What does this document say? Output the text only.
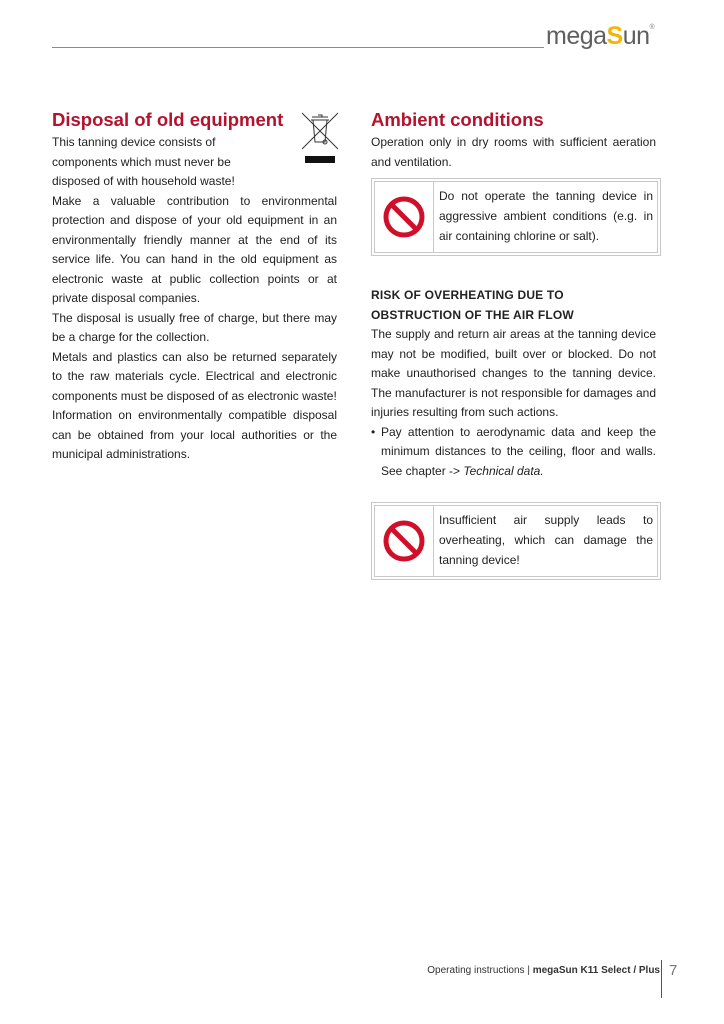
megaSun®
Disposal of old equipment

This tanning device consists of components which must never be disposed of with household waste!

Make a valuable contribution to environmental protection and dispose of your old equipment in an environmentally friendly manner at the end of its service life. You can hand in the old equipment as electronic waste at public collection points or at private disposal companies.

The disposal is usually free of charge, but there may be a charge for the collection.

Metals and plastics can also be returned separately to the raw materials cycle. Electrical and electronic components must be disposed of as electronic waste!

Information on environmentally compatible disposal can be obtained from your local authorities or the municipal administrations.

Ambient conditions

Operation only in dry rooms with sufficient aeration and ventilation.

Do not operate the tanning device in aggressive ambient conditions (e.g. in air containing chlorine or salt).

RISK OF OVERHEATING DUE TO
OBSTRUCTION OF THE AIR FLOW

The supply and return air areas at the tanning device may not be modified, built over or blocked. Do not make unauthorised changes to the tanning device. The manufacturer is not responsible for damages and injuries resulting from such actions.

• Pay attention to aerodynamic data and keep the minimum distances to the ceiling, floor and walls. See chapter -> Technical data.

Insufficient air supply leads to overheating, which can damage the tanning device!

Operating instructions | megaSun K11 Select / Plus 7
